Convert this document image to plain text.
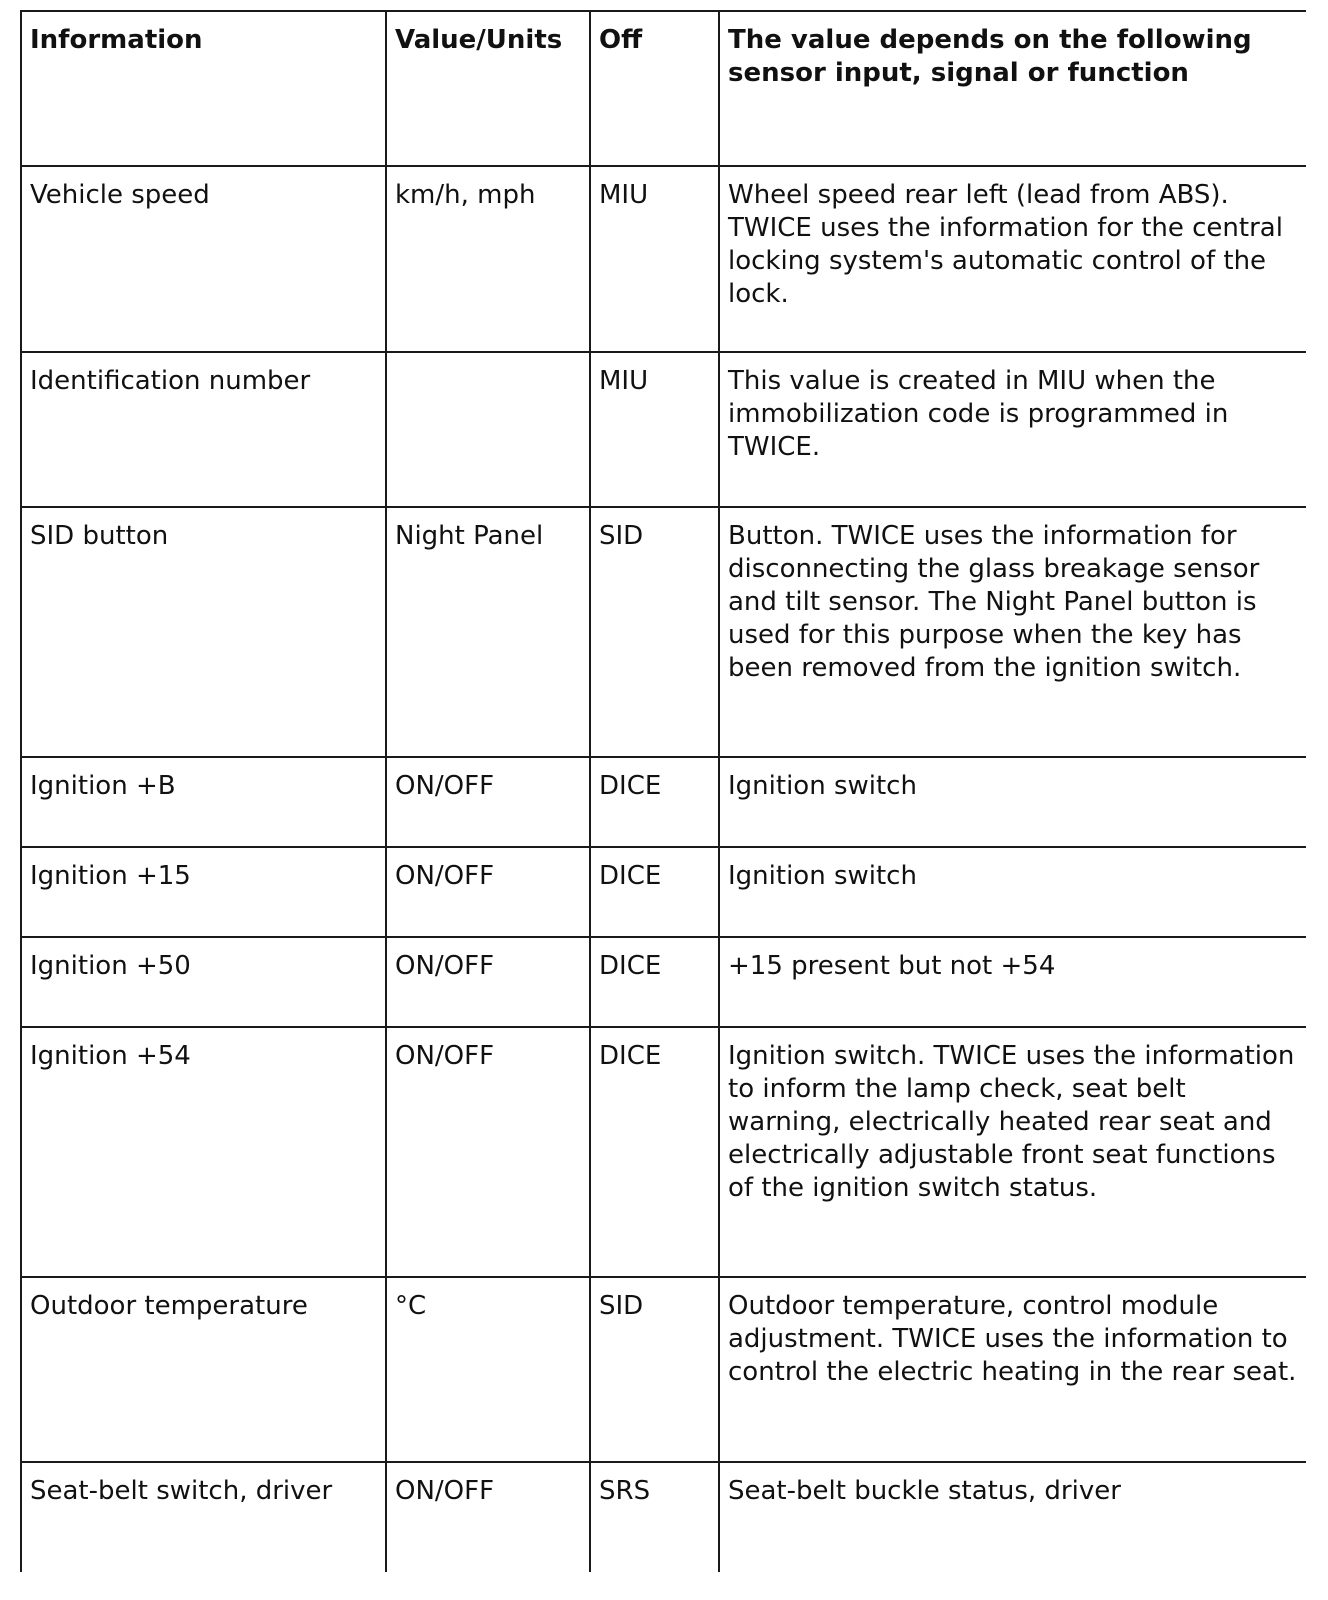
Information	Value/Units	Off	The value depends on the following sensor input, signal or function
Vehicle speed	km/h, mph	MIU	Wheel speed rear left (lead from ABS). TWICE uses the information for the central locking system's automatic control of the lock.
Identification number		MIU	This value is created in MIU when the immobilization code is programmed in TWICE.
SID button	Night Panel	SID	Button. TWICE uses the information for disconnecting the glass breakage sensor and tilt sensor. The Night Panel button is used for this purpose when the key has been removed from the ignition switch.
Ignition +B	ON/OFF	DICE	Ignition switch
Ignition +15	ON/OFF	DICE	Ignition switch
Ignition +50	ON/OFF	DICE	+15 present but not +54
Ignition +54	ON/OFF	DICE	Ignition switch. TWICE uses the information to inform the lamp check, seat belt warning, electrically heated rear seat and electrically adjustable front seat functions of the ignition switch status.
Outdoor temperature	°C	SID	Outdoor temperature, control module adjustment. TWICE uses the information to control the electric heating in the rear seat.
Seat-belt switch, driver	ON/OFF	SRS	Seat-belt buckle status, driver
